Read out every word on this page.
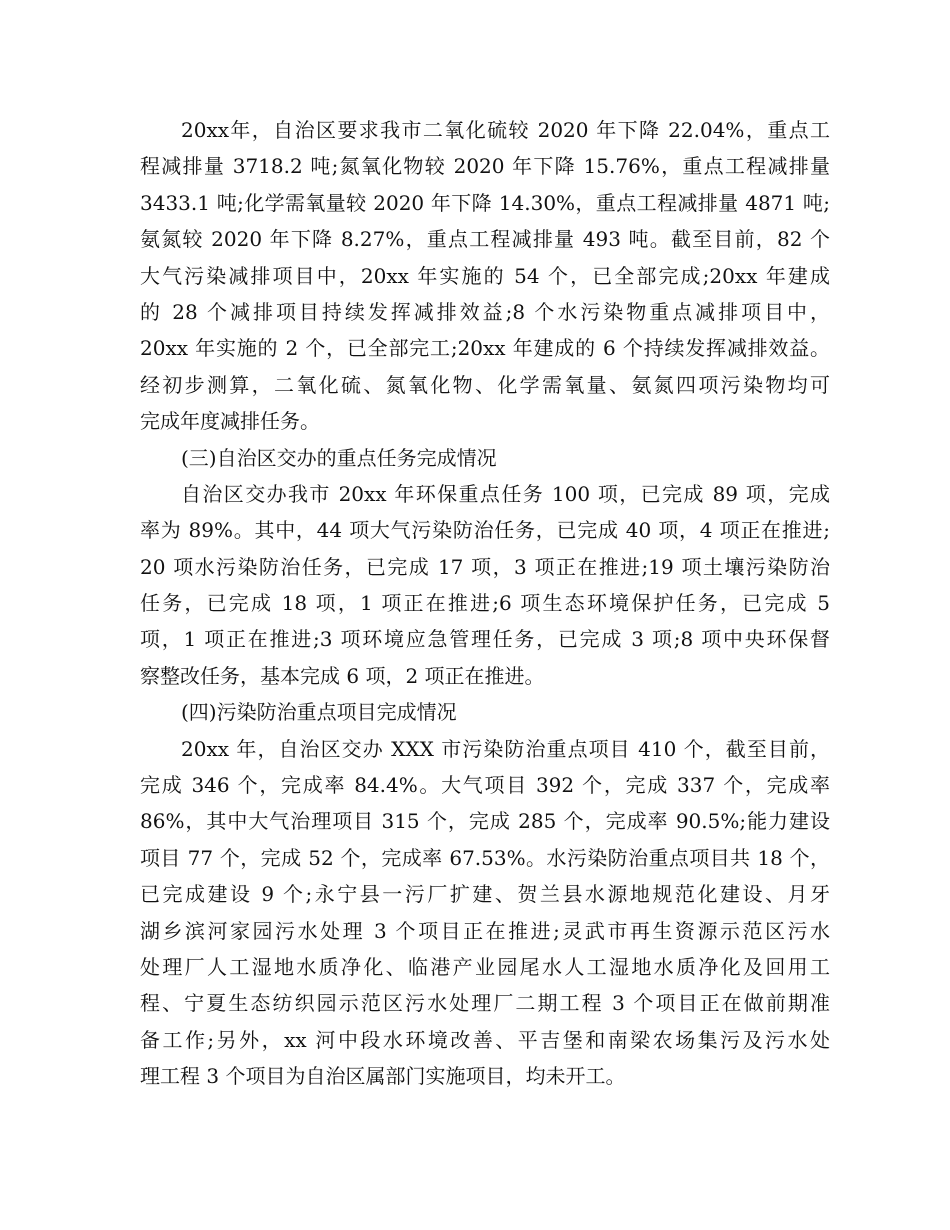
20xx年，自治区要求我市二氧化硫较 2020 年下降 22.04%，重点工
程减排量 3718.2 吨;氮氧化物较 2020 年下降 15.76%，重点工程减排量
3433.1 吨;化学需氧量较 2020 年下降 14.30%，重点工程减排量 4871 吨;
氨氮较 2020 年下降 8.27%，重点工程减排量 493 吨。截至目前，82 个
大气污染减排项目中，20xx 年实施的 54 个，已全部完成;20xx 年建成
的 28 个减排项目持续发挥减排效益;8 个水污染物重点减排项目中，
20xx 年实施的 2 个，已全部完工;20xx 年建成的 6 个持续发挥减排效益。
经初步测算，二氧化硫、氮氧化物、化学需氧量、氨氮四项污染物均可
完成年度减排任务。
(三)自治区交办的重点任务完成情况
自治区交办我市 20xx 年环保重点任务 100 项，已完成 89 项，完成
率为 89%。其中，44 项大气污染防治任务，已完成 40 项，4 项正在推进;
20 项水污染防治任务，已完成 17 项，3 项正在推进;19 项土壤污染防治
任务，已完成 18 项，1 项正在推进;6 项生态环境保护任务，已完成 5
项，1 项正在推进;3 项环境应急管理任务，已完成 3 项;8 项中央环保督
察整改任务，基本完成 6 项，2 项正在推进。
(四)污染防治重点项目完成情况
20xx 年，自治区交办 XXX 市污染防治重点项目 410 个，截至目前，
完成 346 个，完成率 84.4%。大气项目 392 个，完成 337 个，完成率
86%，其中大气治理项目 315 个，完成 285 个，完成率 90.5%;能力建设
项目 77 个，完成 52 个，完成率 67.53%。水污染防治重点项目共 18 个，
已完成建设 9 个;永宁县一污厂扩建、贺兰县水源地规范化建设、月牙
湖乡滨河家园污水处理 3 个项目正在推进;灵武市再生资源示范区污水
处理厂人工湿地水质净化、临港产业园尾水人工湿地水质净化及回用工
程、宁夏生态纺织园示范区污水处理厂二期工程 3 个项目正在做前期准
备工作;另外，xx 河中段水环境改善、平吉堡和南梁农场集污及污水处
理工程 3 个项目为自治区属部门实施项目，均未开工。
